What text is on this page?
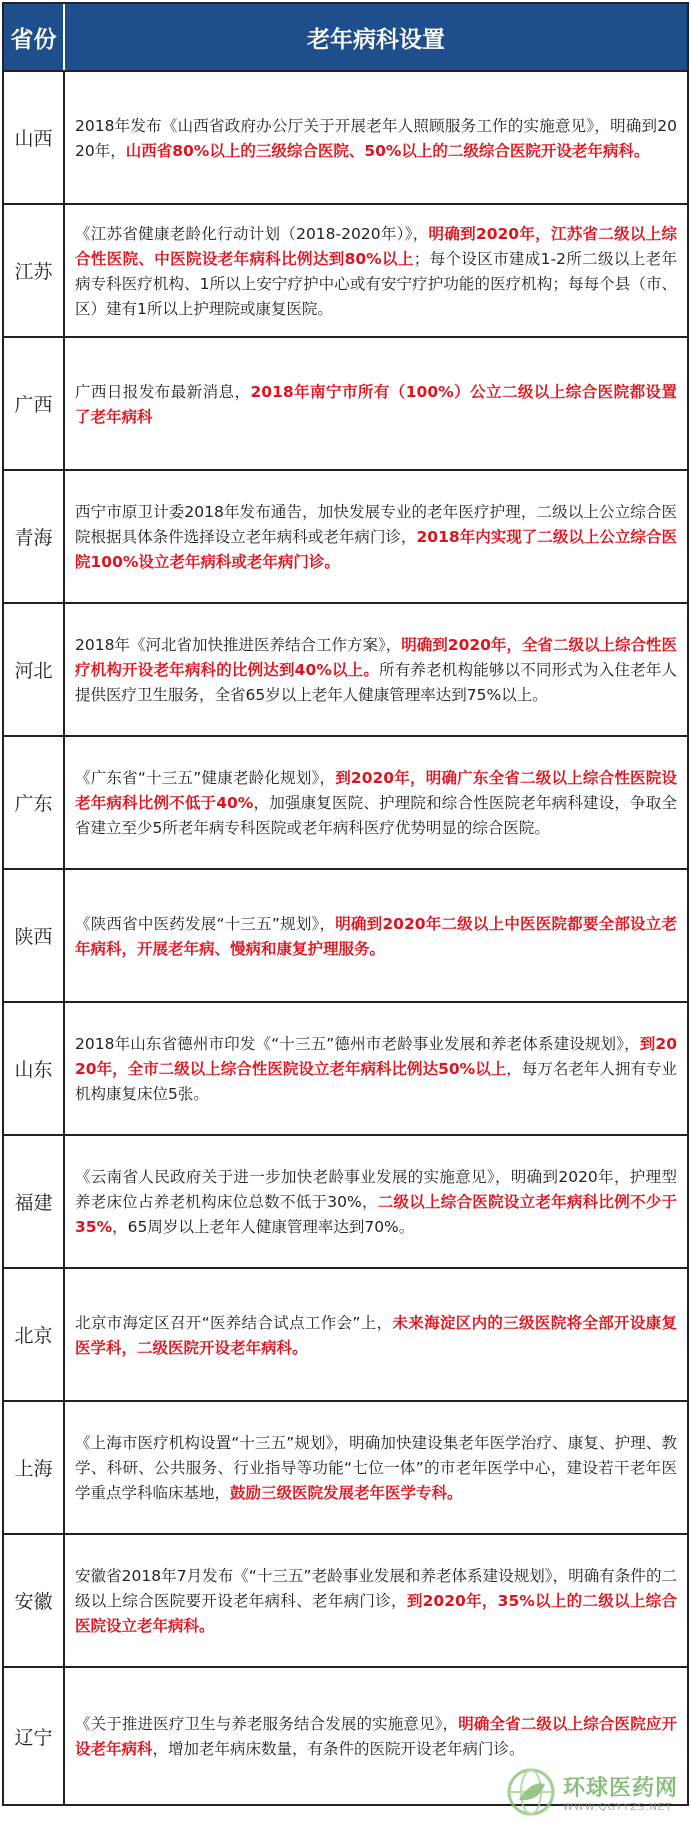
省份	老年病科设置
山西
2018年发布《山西省政府办公厅关于开展老年人照顾服务工作的实施意见》，明确到2020年，山西省80%以上的三级综合医院、50%以上的二级综合医院开设老年病科。
江苏
《江苏省健康老龄化行动计划（2018-2020年）》，明确到2020年，江苏省二级以上综合性医院、中医院设老年病科比例达到80%以上；每个设区市建成1-2所二级以上老年病专科医疗机构、1所以上安宁疗护中心或有安宁疗护功能的医疗机构；每每个县（市、区）建有1所以上护理院或康复医院。
广西
广西日报发布最新消息，2018年南宁市所有（100%）公立二级以上综合医院都设置了老年病科
青海
西宁市原卫计委2018年发布通告，加快发展专业的老年医疗护理，二级以上公立综合医院根据具体条件选择设立老年病科或老年病门诊，2018年内实现了二级以上公立综合医院100%设立老年病科或老年病门诊。
河北
2018年《河北省加快推进医养结合工作方案》，明确到2020年，全省二级以上综合性医疗机构开设老年病科的比例达到40%以上。所有养老机构能够以不同形式为入住老年人提供医疗卫生服务，全省65岁以上老年人健康管理率达到75%以上。
广东
《广东省“十三五”健康老龄化规划》，到2020年，明确广东全省二级以上综合性医院设老年病科比例不低于40%，加强康复医院、护理院和综合性医院老年病科建设，争取全省建立至少5所老年病专科医院或老年病科医疗优势明显的综合医院。
陕西
《陕西省中医药发展“十三五”规划》，明确到2020年二级以上中医医院都要全部设立老年病科，开展老年病、慢病和康复护理服务。
山东
2018年山东省德州市印发《“十三五”德州市老龄事业发展和养老体系建设规划》，到2020年，全市二级以上综合性医院设立老年病科比例达50%以上，每万名老年人拥有专业机构康复床位5张。
福建
《云南省人民政府关于进一步加快老龄事业发展的实施意见》，明确到2020年，护理型养老床位占养老机构床位总数不低于30%，二级以上综合医院设立老年病科比例不少于35%，65周岁以上老年人健康管理率达到70%。
北京
北京市海定区召开“医养结合试点工作会”上，未来海淀区内的三级医院将全部开设康复医学科，二级医院开设老年病科。
上海
《上海市医疗机构设置“十三五”规划》，明确加快建设集老年医学治疗、康复、护理、教学、科研、公共服务、行业指导等功能“七位一体”的市老年医学中心，建设若干老年医学重点学科临床基地，鼓励三级医院发展老年医学专科。
安徽
安徽省2018年7月发布《“十三五”老龄事业发展和养老体系建设规划》，明确有条件的二级以上综合医院要开设老年病科、老年病门诊，到2020年，35%以上的二级以上综合医院设立老年病科。
辽宁
《关于推进医疗卫生与养老服务结合发展的实施意见》，明确全省二级以上综合医院应开设老年病科，增加老年病床数量，有条件的医院开设老年病门诊。
环球医药网
WWW.QGYYZS.NET
